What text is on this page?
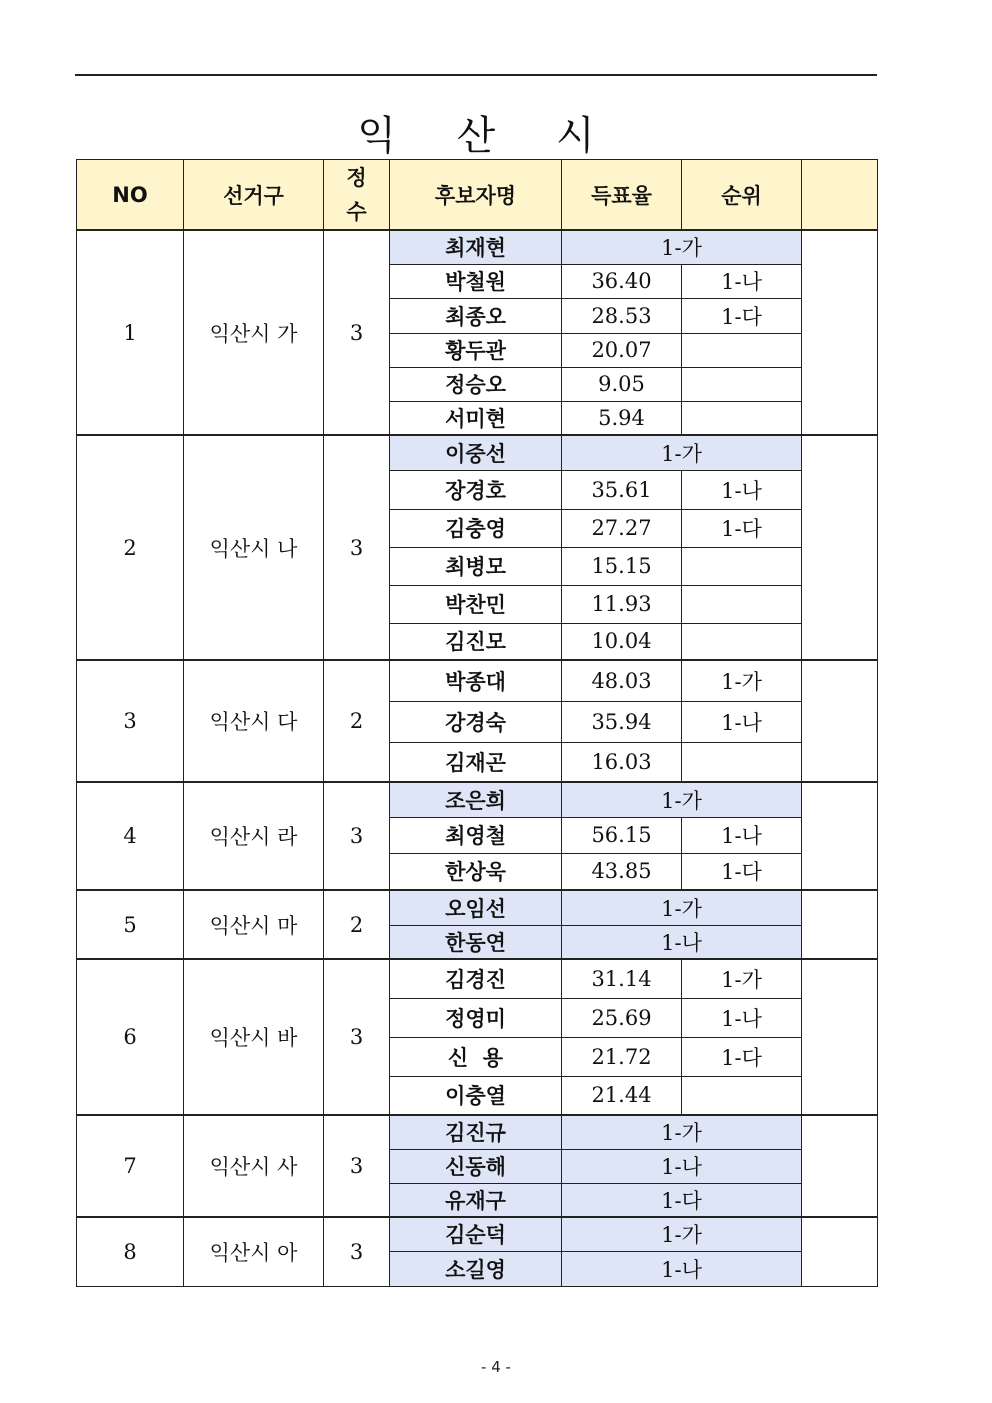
익 산 시
NO	선거구	정수	후보자명	득표율	순위	
1	익산시 가	3	최재현	1-가		
			박철원	36.40	1-나	
			최종오	28.53	1-다	
			황두관	20.07		
			정승오	9.05		
			서미현	5.94		
2	익산시 나	3	이중선	1-가		
			장경호	35.61	1-나	
			김충영	27.27	1-다	
			최병모	15.15		
			박찬민	11.93		
			김진모	10.04		
3	익산시 다	2	박종대	48.03	1-가	
			강경숙	35.94	1-나	
			김재곤	16.03		
4	익산시 라	3	조은희	1-가		
			최영철	56.15	1-나	
			한상욱	43.85	1-다	
5	익산시 마	2	오임선	1-가		
			한동연	1-나		
6	익산시 바	3	김경진	31.14	1-가	
			정영미	25.69	1-나	
			신  용	21.72	1-다	
			이충열	21.44		
7	익산시 사	3	김진규	1-가		
			신동해	1-나		
			유재구	1-다		
8	익산시 아	3	김순덕	1-가		
			소길영	1-나		
- 4 -
